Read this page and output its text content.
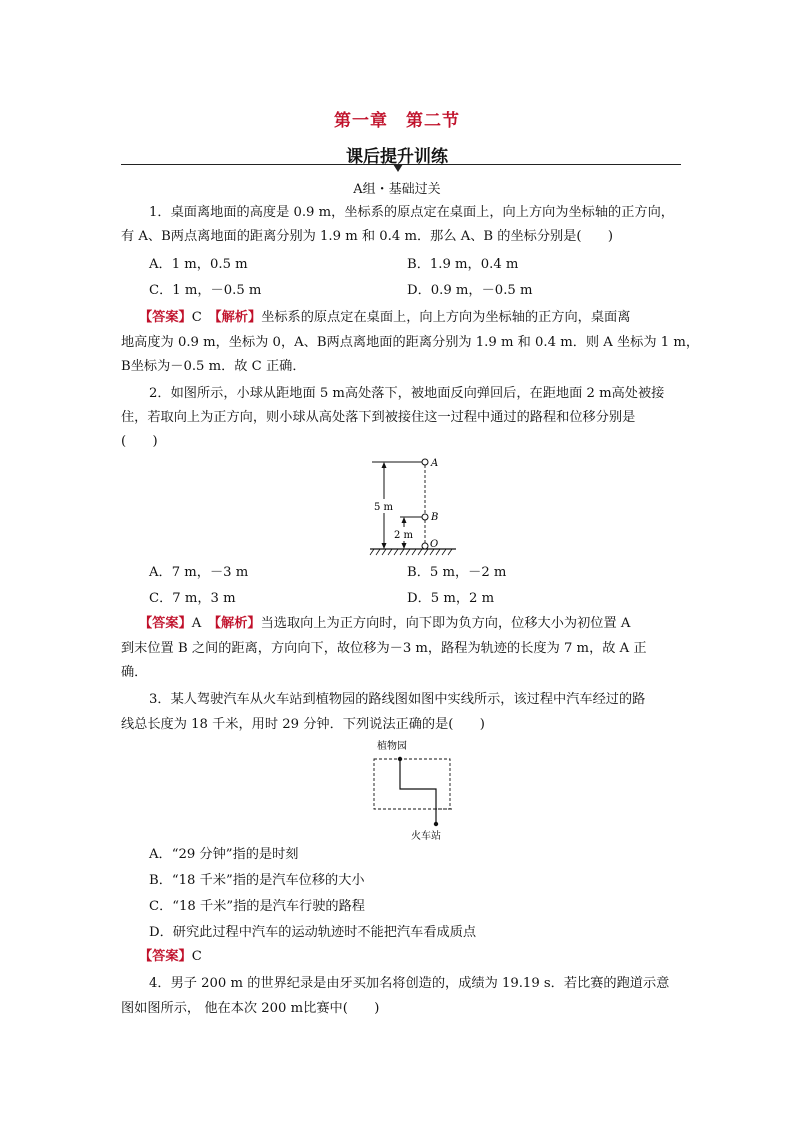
第一章　第二节
课后提升训练
A组・基础过关
1．桌面离地面的高度是 0.9 m，坐标系的原点定在桌面上，向上方向为坐标轴的正方向，
有 A、B两点离地面的距离分别为 1.9 m 和 0.4 m．那么 A、B 的坐标分别是(　　)
A．1 m，0.5 m	B．1.9 m，0.4 m
C．1 m，－0.5 m	D．0.9 m，－0.5 m
【答案】C　 【解析】坐标系的原点定在桌面上，向上方向为坐标轴的正方向，桌面离
地高度为 0.9 m，坐标为 0，A、B两点离地面的距离分别为 1.9 m 和 0.4 m．则 A 坐标为 1 m，
B坐标为－0.5 m．故 C 正确．
2．如图所示，小球从距地面 5 m高处落下，被地面反向弹回后，在距地面 2 m高处被接
住，若取向上为正方向，则小球从高处落下到被接住这一过程中通过的路程和位移分别是
(　　)
5 m
2 m
A
B
O
A．7 m，－3 m	B．5 m，－2 m
C．7 m，3 m	D．5 m，2 m
【答案】A　 【解析】当选取向上为正方向时，向下即为负方向，位移大小为初位置 A
到末位置 B 之间的距离，方向向下，故位移为－3 m，路程为轨迹的长度为 7 m，故 A 正
确．
3．某人驾驶汽车从火车站到植物园的路线图如图中实线所示，该过程中汽车经过的路
线总长度为 18 千米，用时 29 分钟．下列说法正确的是(　　)
植物园
火车站
A．“29 分钟”指的是时刻
B．“18 千米”指的是汽车位移的大小
C．“18 千米”指的是汽车行驶的路程
D．研究此过程中汽车的运动轨迹时不能把汽车看成质点
【答案】C
4．男子 200 m 的世界纪录是由牙买加名将创造的，成绩为 19.19 s．若比赛的跑道示意
图如图所示， 他在本次 200 m比赛中(　　)
